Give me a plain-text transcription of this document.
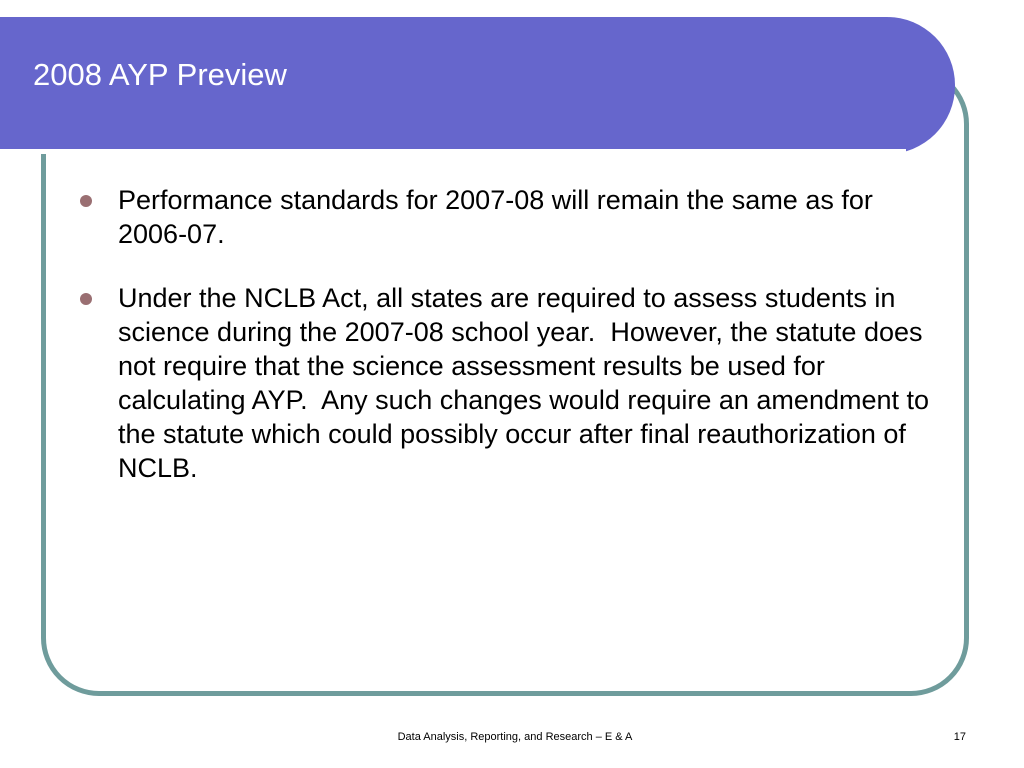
2008 AYP Preview
Performance standards for 2007-08 will remain the same as for 2006-07.
Under the NCLB Act, all states are required to assess students in science during the 2007-08 school year.  However, the statute does not require that the science assessment results be used for calculating AYP.  Any such changes would require an amendment to the statute which could possibly occur after final reauthorization of NCLB.
Data Analysis, Reporting, and Research – E & A	17
